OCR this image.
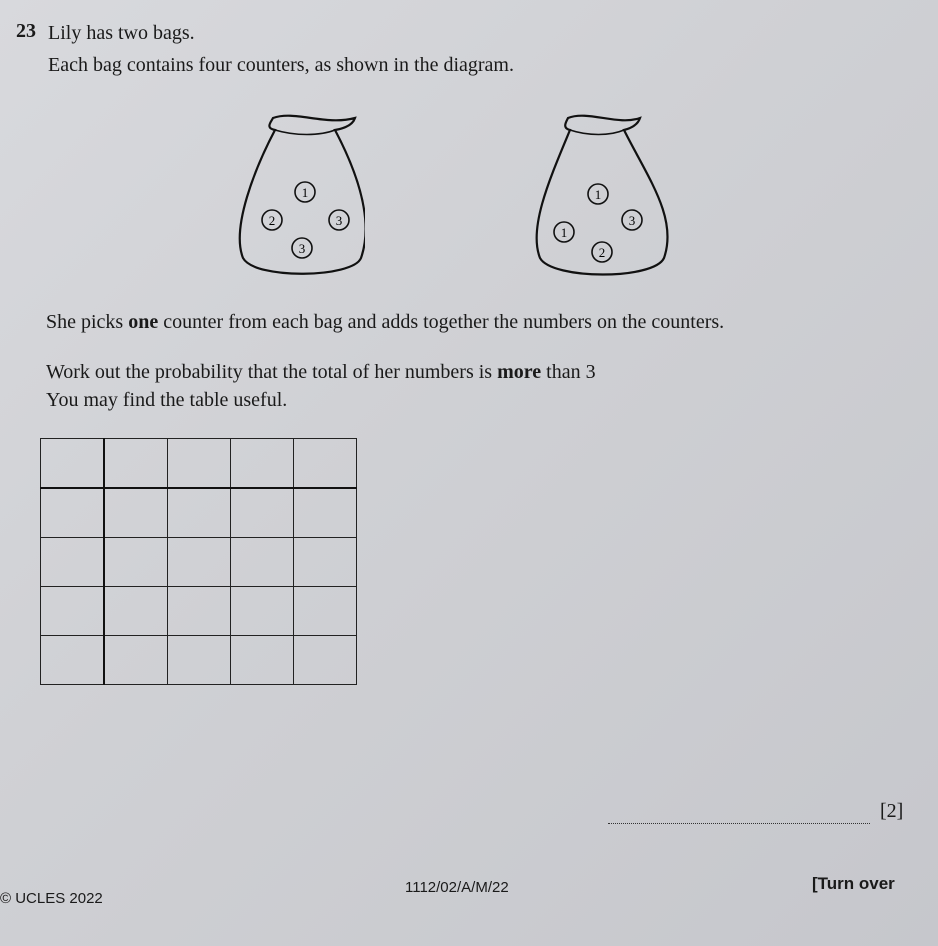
23 Lily has two bags.
Each bag contains four counters, as shown in the diagram.
1
2	3
3
1
1
3
2
She picks one counter from each bag and adds together the numbers on the counters.
Work out the probability that the total of her numbers is more than 3
You may find the table useful.

[2]
© UCLES 2022
1112/02/A/M/22	[Turn over
